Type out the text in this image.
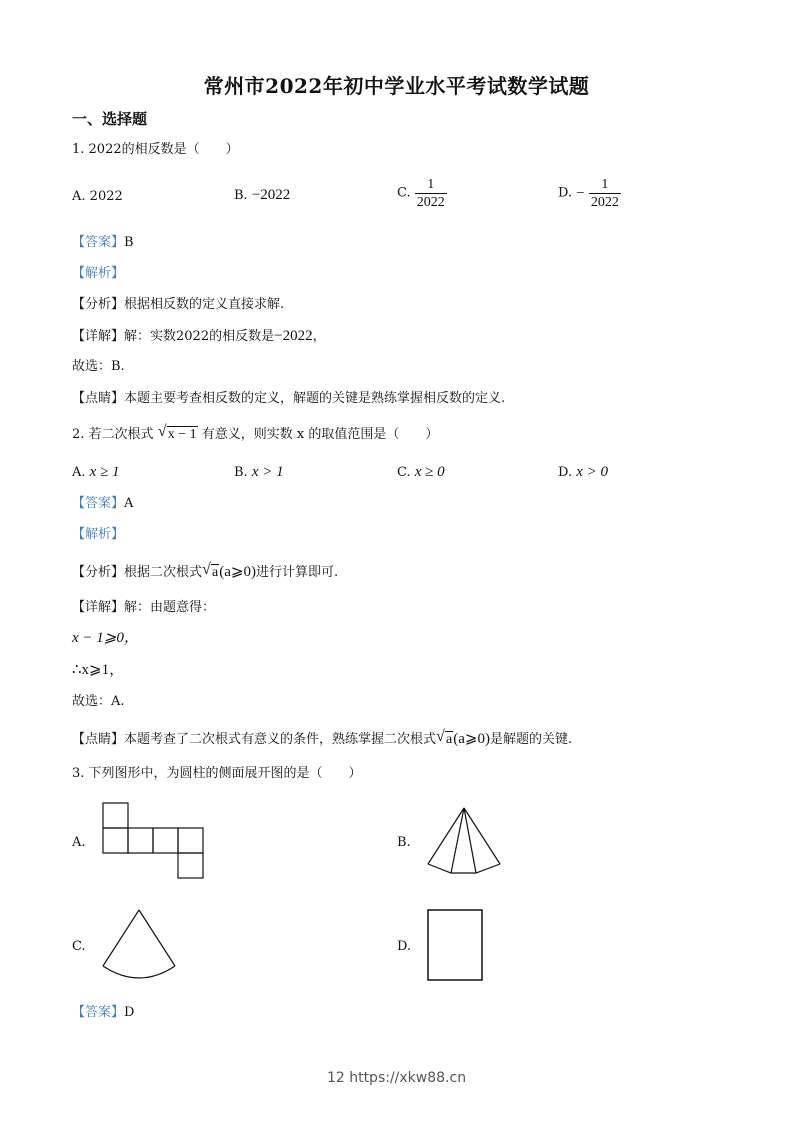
常州市2022年初中学业水平考试数学试题
一、选择题
1. 2022的相反数是（　　）
A. 2022	B. −2022	C. $\frac{1}{2022}$	D. − $\frac{1}{2022}$
【答案】B
【解析】
【分析】根据相反数的定义直接求解.
【详解】解：实数2022的相反数是−2022，
故选：B.
【点睛】本题主要考查相反数的定义，解题的关键是熟练掌握相反数的定义.
2. 若二次根式 √ x − 1 有意义，则实数 x 的取值范围是（　　）
A. x ≥ 1	B. x > 1	C. x ≥ 0	D. x > 0
【答案】A
【解析】
【分析】根据二次根式 √ a(a⩾0)进行计算即可.
【详解】解：由题意得：
x − 1⩾0，
∴x⩾1，
故选：A.
【点睛】本题考查了二次根式有意义的条件，熟练掌握二次根式 √ a(a⩾0)是解题的关键.
3. 下列图形中，为圆柱的侧面展开图的是（　　）
A.	B.
C.	D.
【答案】D
12 https://xkw88.cn
